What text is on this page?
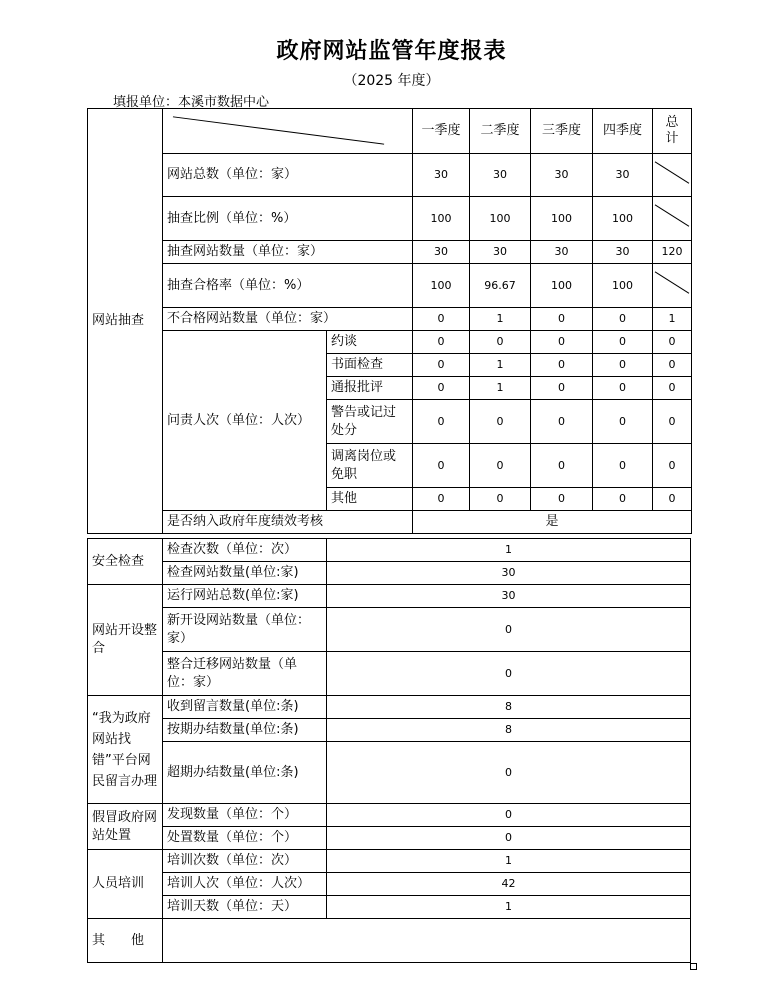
政府网站监管年度报表
（2025 年度）
填报单位：本溪市数据中心
网站抽查			一季度	二季度	三季度	四季度	总计
	网站总数（单位：家）		30	30	30	30	

	抽查比例（单位：%）		100	100	100	100	

	抽查网站数量（单位：家）		30	30	30	30	120
	抽查合格率（单位：%）		100	96.67	100	100	

	不合格网站数量（单位：家）		0	1	0	0	1
	问责人次（单位：人次）	约谈	0	0	0	0	0
		书面检查	0	1	0	0	0
		通报批评	0	1	0	0	0
		警告或记过处分	0	0	0	0	0
		调离岗位或免职	0	0	0	0	0
		其他	0	0	0	0	0
	是否纳入政府年度绩效考核		是				
安全检查	检查次数（单位：次）	1
	检查网站数量(单位:家)	30
网站开设整合	运行网站总数(单位:家)	30
	新开设网站数量（单位：家）	0
	整合迁移网站数量（单位：家）	0
“我为政府网站找错”平台网民留言办理	收到留言数量(单位:条)	8
	按期办结数量(单位:条)	8
	超期办结数量(单位:条)	0
假冒政府网站处置	发现数量（单位：个）	0
	处置数量（单位：个）	0
人员培训	培训次数（单位：次）	1
	培训人次（单位：人次）	42
	培训天数（单位：天）	1
其　　他		
